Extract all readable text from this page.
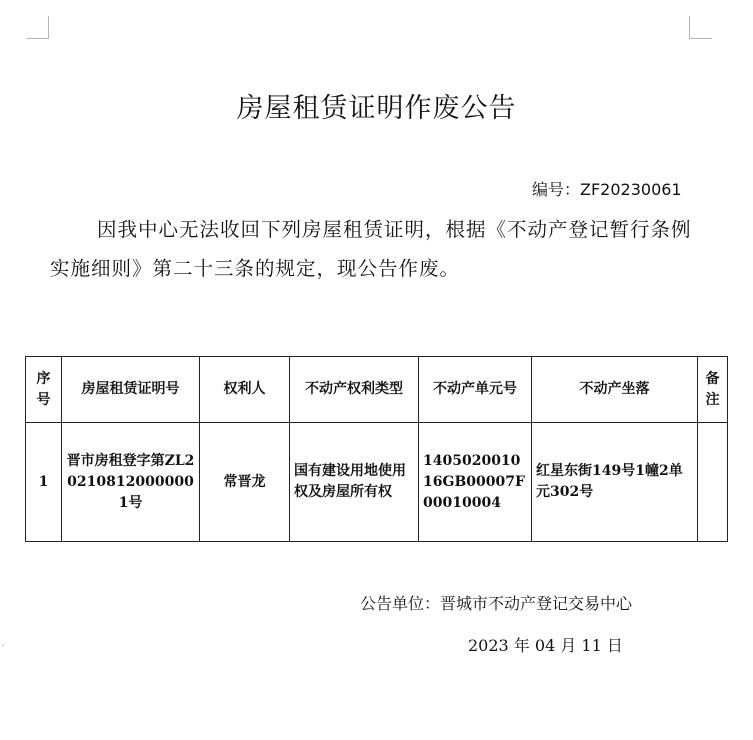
⸴
房屋租赁证明作废公告
编号：ZF20230061
因我中心无法收回下列房屋租赁证明，根据《不动产登记暂行条例实施细则》第二十三条的规定，现公告作废。
序号	房屋租赁证明号	权利人	不动产权利类型	不动产单元号	不动产坐落	备注
1	晋市房租登字第ZL202108120000001号	常晋龙	国有建设用地使用权及房屋所有权	140502001016GB00007F00010004	红星东街149号1幢2单元302号	
公告单位：晋城市不动产登记交易中心
2023 年 04 月 11 日
